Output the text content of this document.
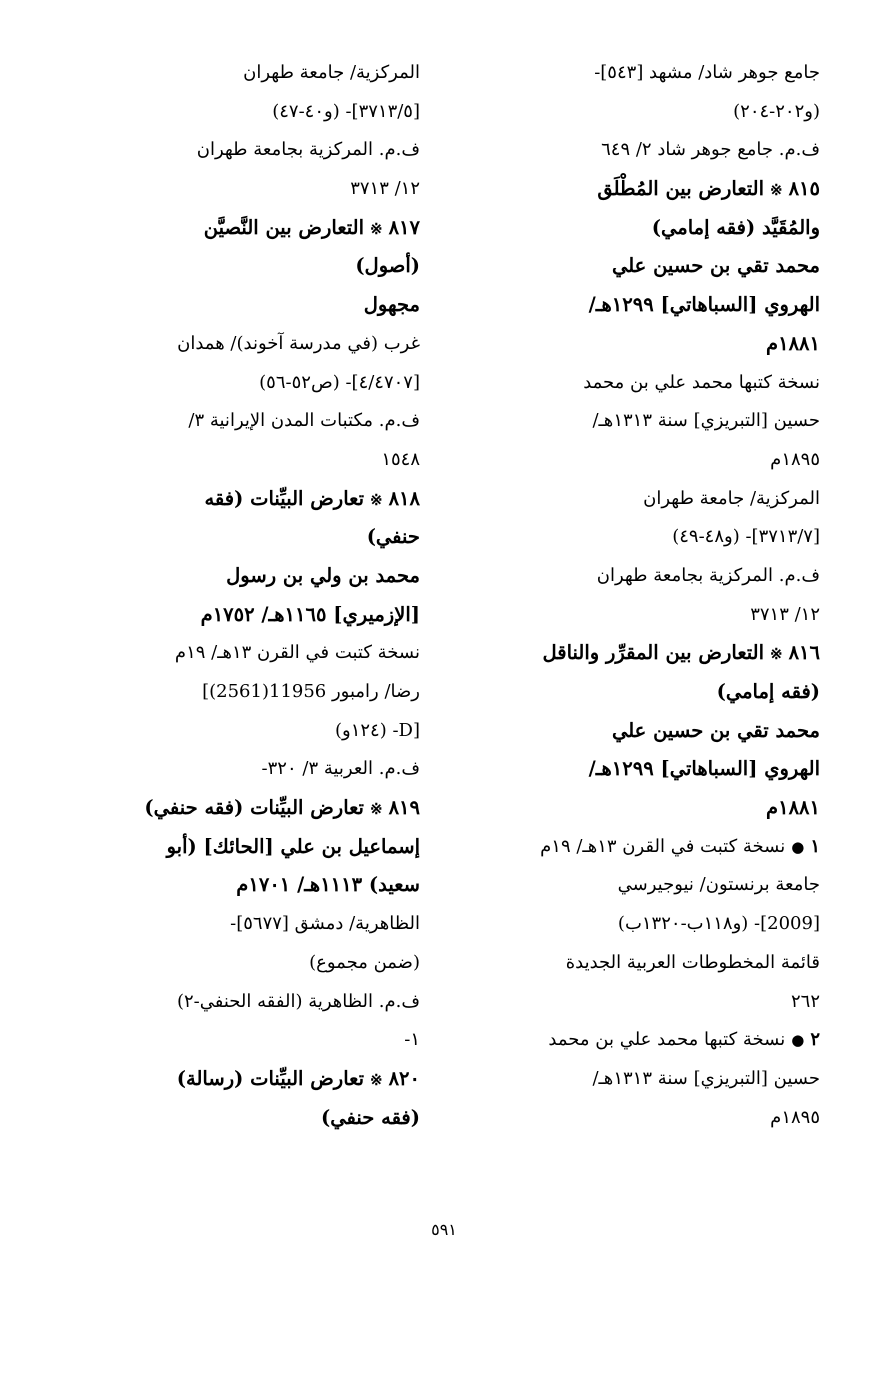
جامع جوهر شاد/ مشهد [٥٤٣]-
(و٢٠٢-٢٠٤)
ف.م. جامع جوهر شاد ٢/ ٦٤٩
٨١٥※التعارض بين المُطْلَق
والمُقَيَّد (فقه إمامي)
محمد تقي بن حسين علي
الهروي [السباهاتي] ١٢٩٩هـ/
١٨٨١م
نسخة كتبها محمد علي بن محمد
حسين [التبريزي] سنة ١٣١٣هـ/
١٨٩٥م
المركزية/ جامعة طهران
[٣٧١٣/٧]- (و٤٨-٤٩)
ف.م. المركزية بجامعة طهران
١٢/ ٣٧١٣
٨١٦※التعارض بين المقرِّر والناقل
(فقه إمامي)
محمد تقي بن حسين علي
الهروي [السباهاتي] ١٢٩٩هـ/
١٨٨١م
١●نسخة كتبت في القرن ١٣هـ/ ١٩م
جامعة برنستون/ نيوجيرسي
[2009]- (و١١٨ب-١٣٢٠ب)
قائمة المخطوطات العربية الجديدة
٢٦٢
٢●نسخة كتبها محمد علي بن محمد
حسين [التبريزي] سنة ١٣١٣هـ/
١٨٩٥م
المركزية/ جامعة طهران
[٣٧١٣/٥]- (و٤٠-٤٧)
ف.م. المركزية بجامعة طهران
١٢/ ٣٧١٣
٨١٧※التعارض بين النَّصيَّن
(أصول)
مجهول
غرب (في مدرسة آخوند)/ همدان
[٤/٤٧٠٧]- (ص٥٢-٥٦)
ف.م. مكتبات المدن الإيرانية ٣/
١٥٤٨
٨١٨※تعارض البيِّنات (فقه
حنفي)
محمد بن ولي بن رسول
[الإزميري] ١١٦٥هـ/ ١٧٥٢م
نسخة كتبت في القرن ١٣هـ/ ١٩م
رضا/ رامبور 11956(2561)]
[D- (١٢٤و)
ف.م. العربية ٣/ ٣٢٠-
٨١٩※تعارض البيِّنات (فقه حنفي)
إسماعيل بن علي [الحائك] (أبو
سعيد) ١١١٣هـ/ ١٧٠١م
الظاهرية/ دمشق [٥٦٧٧]-
(ضمن مجموع)
ف.م. الظاهرية (الفقه الحنفي-٢)
١-
٨٢٠※تعارض البيِّنات (رسالة)
(فقه حنفي)
٥٩١
